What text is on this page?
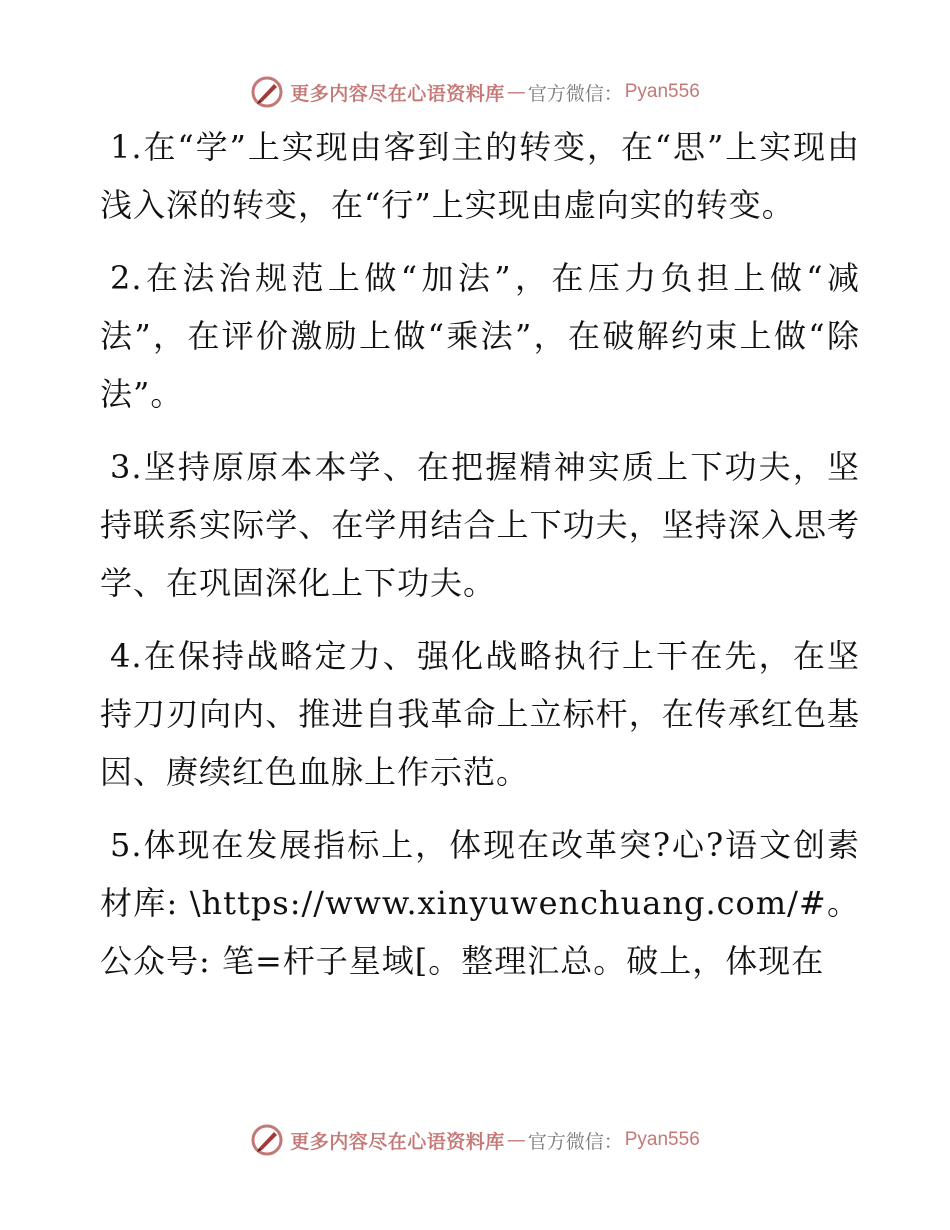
更多内容尽在心语资料库 — 官方微信： Pyan556

1.在“学”上实现由客到主的转变，在“思”上实现由浅入深的转变，在“行”上实现由虚向实的转变。

2.在法治规范上做“加法”，在压力负担上做“减法”，在评价激励上做“乘法”，在破解约束上做“除法”。

3.坚持原原本本学、在把握精神实质上下功夫，坚持联系实际学、在学用结合上下功夫，坚持深入思考学、在巩固深化上下功夫。

4.在保持战略定力、强化战略执行上干在先，在坚持刀刃向内、推进自我革命上立标杆，在传承红色基因、赓续红色血脉上作示范。

5.体现在发展指标上，体现在改革突?心?语文创素材库: \https://www.xinyuwenchuang.com/#。公众号: 笔=杆子星域[。整理汇总。破上，体现在

更多内容尽在心语资料库 — 官方微信： Pyan556
